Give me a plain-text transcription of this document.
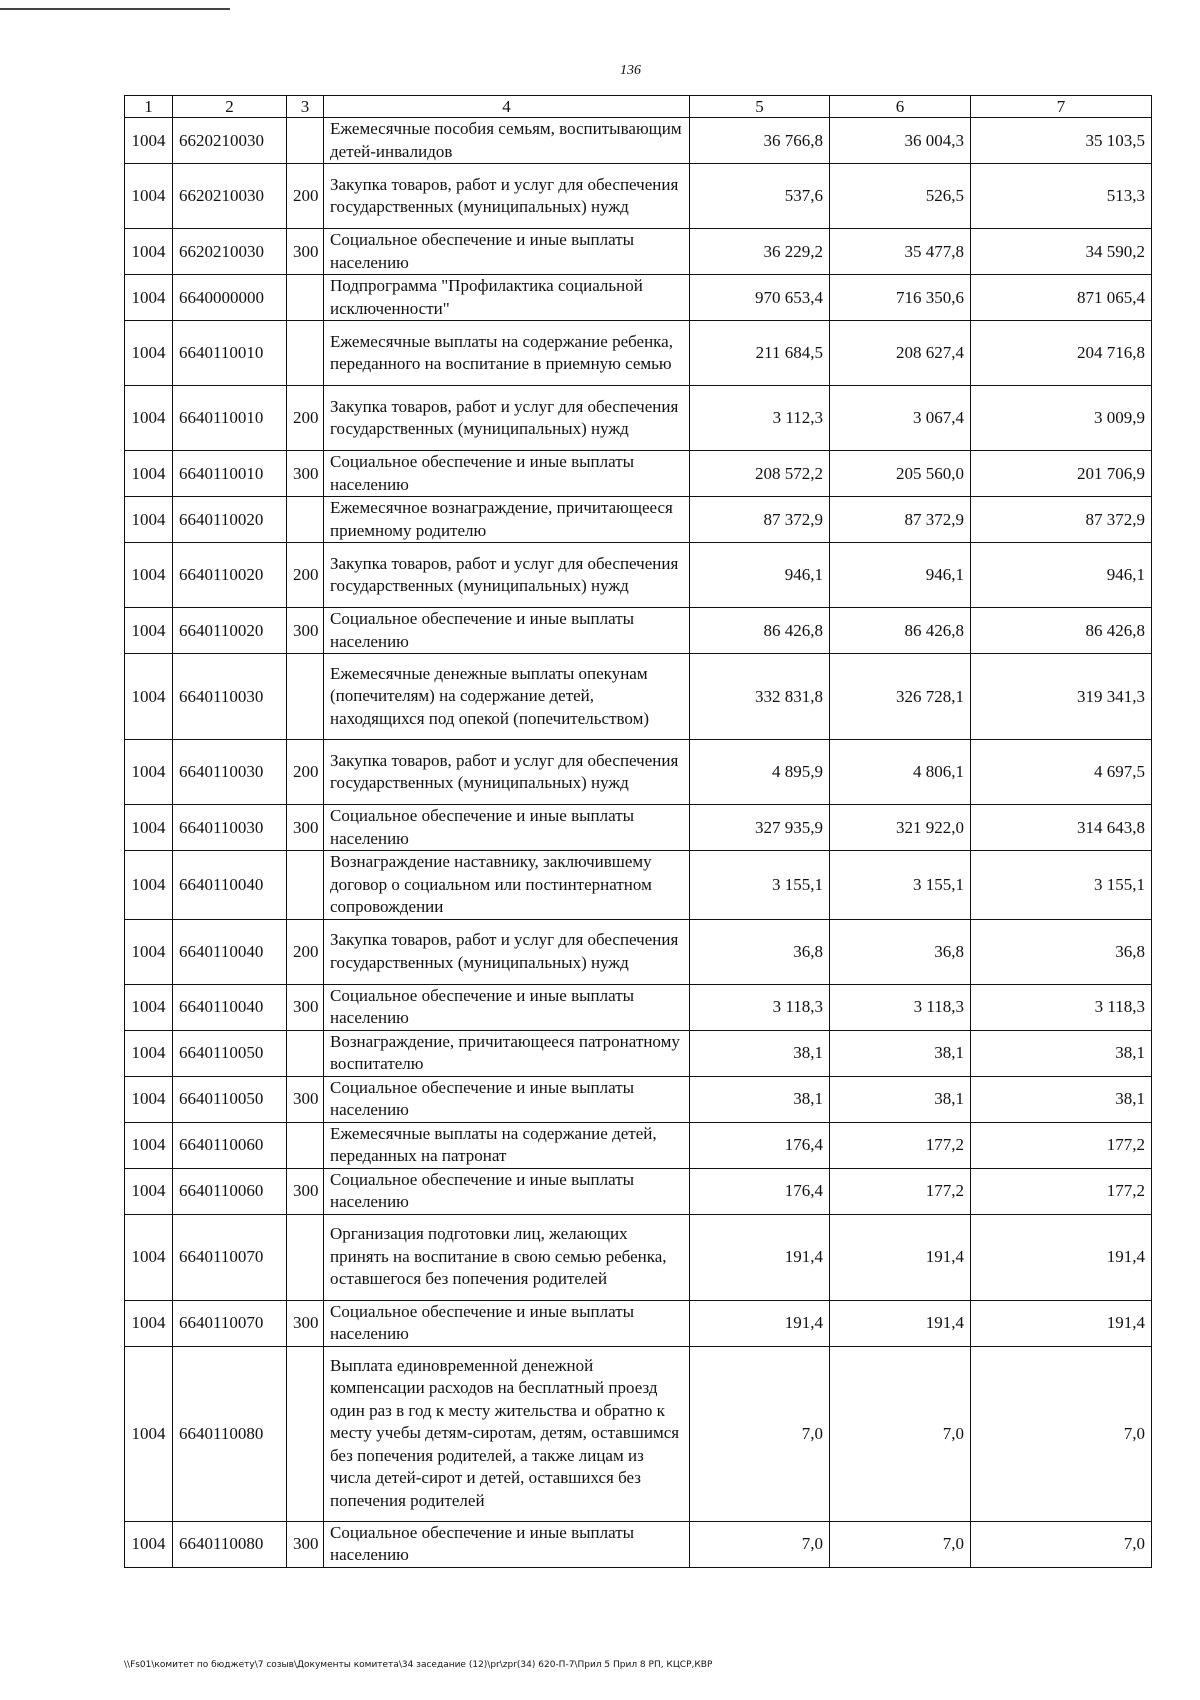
136
1	2	3	4	5	6	7
1004	6620210030		Ежемесячные пособия семьям, воспитывающим детей-инвалидов	36 766,8	36 004,3	35 103,5
1004	6620210030	200	Закупка товаров, работ и услуг для обеспечения государственных (муниципальных) нужд	537,6	526,5	513,3
1004	6620210030	300	Социальное обеспечение и иные выплаты населению	36 229,2	35 477,8	34 590,2
1004	6640000000		Подпрограмма "Профилактика социальной исключенности"	970 653,4	716 350,6	871 065,4
1004	6640110010		Ежемесячные выплаты на содержание ребенка, переданного на воспитание в приемную семью	211 684,5	208 627,4	204 716,8
1004	6640110010	200	Закупка товаров, работ и услуг для обеспечения государственных (муниципальных) нужд	3 112,3	3 067,4	3 009,9
1004	6640110010	300	Социальное обеспечение и иные выплаты населению	208 572,2	205 560,0	201 706,9
1004	6640110020		Ежемесячное вознаграждение, причитающееся приемному родителю	87 372,9	87 372,9	87 372,9
1004	6640110020	200	Закупка товаров, работ и услуг для обеспечения государственных (муниципальных) нужд	946,1	946,1	946,1
1004	6640110020	300	Социальное обеспечение и иные выплаты населению	86 426,8	86 426,8	86 426,8
1004	6640110030		Ежемесячные денежные выплаты опекунам (попечителям) на содержание детей, находящихся под опекой (попечительством)	332 831,8	326 728,1	319 341,3
1004	6640110030	200	Закупка товаров, работ и услуг для обеспечения государственных (муниципальных) нужд	4 895,9	4 806,1	4 697,5
1004	6640110030	300	Социальное обеспечение и иные выплаты населению	327 935,9	321 922,0	314 643,8
1004	6640110040		Вознаграждение наставнику, заключившему договор о социальном или постинтернатном сопровождении	3 155,1	3 155,1	3 155,1
1004	6640110040	200	Закупка товаров, работ и услуг для обеспечения государственных (муниципальных) нужд	36,8	36,8	36,8
1004	6640110040	300	Социальное обеспечение и иные выплаты населению	3 118,3	3 118,3	3 118,3
1004	6640110050		Вознаграждение, причитающееся патронатному воспитателю	38,1	38,1	38,1
1004	6640110050	300	Социальное обеспечение и иные выплаты населению	38,1	38,1	38,1
1004	6640110060		Ежемесячные выплаты на содержание детей, переданных на патронат	176,4	177,2	177,2
1004	6640110060	300	Социальное обеспечение и иные выплаты населению	176,4	177,2	177,2
1004	6640110070		Организация подготовки лиц, желающих принять на воспитание в свою семью ребенка, оставшегося без попечения родителей	191,4	191,4	191,4
1004	6640110070	300	Социальное обеспечение и иные выплаты населению	191,4	191,4	191,4
1004	6640110080		Выплата единовременной денежной компенсации расходов на бесплатный проезд один раз в год к месту жительства и обратно к месту учебы детям-сиротам, детям, оставшимся без попечения родителей, а также лицам из числа детей-сирот и детей, оставшихся без попечения родителей	7,0	7,0	7,0
1004	6640110080	300	Социальное обеспечение и иные выплаты населению	7,0	7,0	7,0
\\Fs01\комитет по бюджету\7 созыв\Документы комитета\34 заседание (12)\pr\zpr(34) 620-П-7\Прил 5 Прил 8 РП, КЦСР,КВР
